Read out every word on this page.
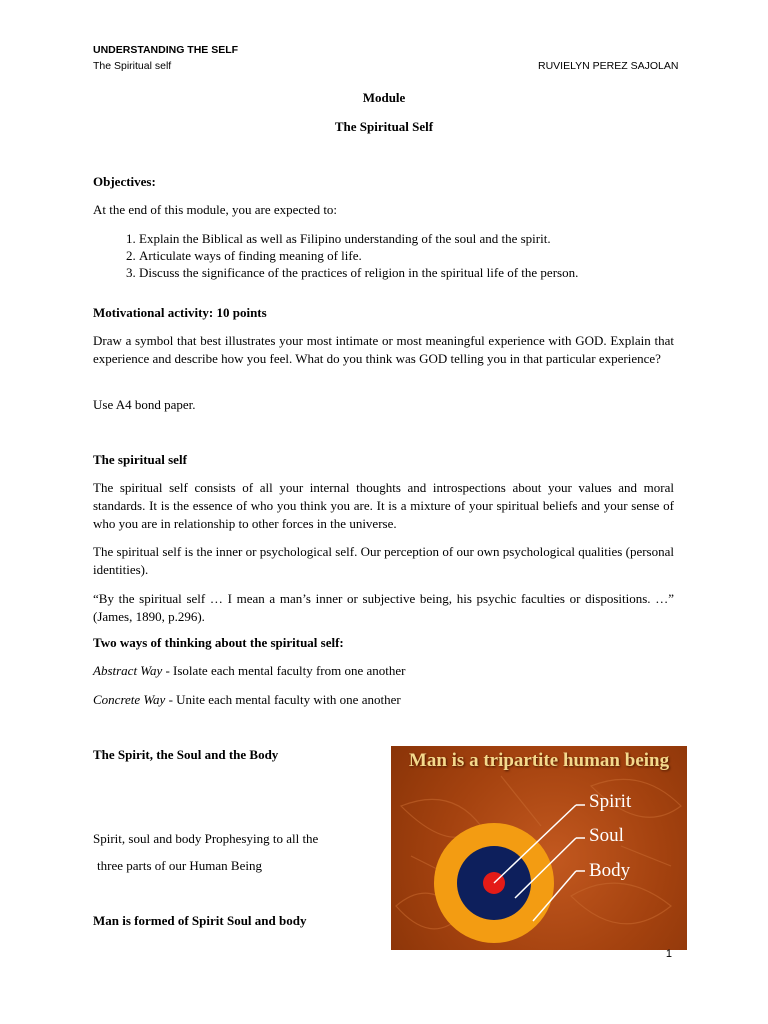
UNDERSTANDING THE SELF
The Spiritual self	RUVIELYN PEREZ SAJOLAN
Module
The Spiritual Self
Objectives:
At the end of this module, you are expected to:
1. Explain the Biblical as well as Filipino understanding of the soul and the spirit.
2. Articulate ways of finding meaning of life.
3. Discuss the significance of the practices of religion in the spiritual life of the person.
Motivational activity: 10 points
Draw a symbol that best illustrates your most intimate or most meaningful experience with GOD. Explain that experience and describe how you feel. What do you think was GOD telling you in that particular experience?
Use A4 bond paper.
The spiritual self
The spiritual self consists of all your internal thoughts and introspections about your values and moral standards. It is the essence of who you think you are. It is a mixture of your spiritual beliefs and your sense of who you are in relationship to other forces in the universe.
The spiritual self is the inner or psychological self. Our perception of our own psychological qualities (personal identities).
“By the spiritual self … I mean a man’s inner or subjective being, his psychic faculties or dispositions. …” (James, 1890, p.296).
Two ways of thinking about the spiritual self:
Abstract Way - Isolate each mental faculty from one another
Concrete Way - Unite each mental faculty with one another
The Spirit, the Soul and the Body
Spirit, soul and body Prophesying to all the
three parts of our Human Being
Man is formed of Spirit Soul and body
Man is a tripartite human being
Spirit
Soul
Body
1
